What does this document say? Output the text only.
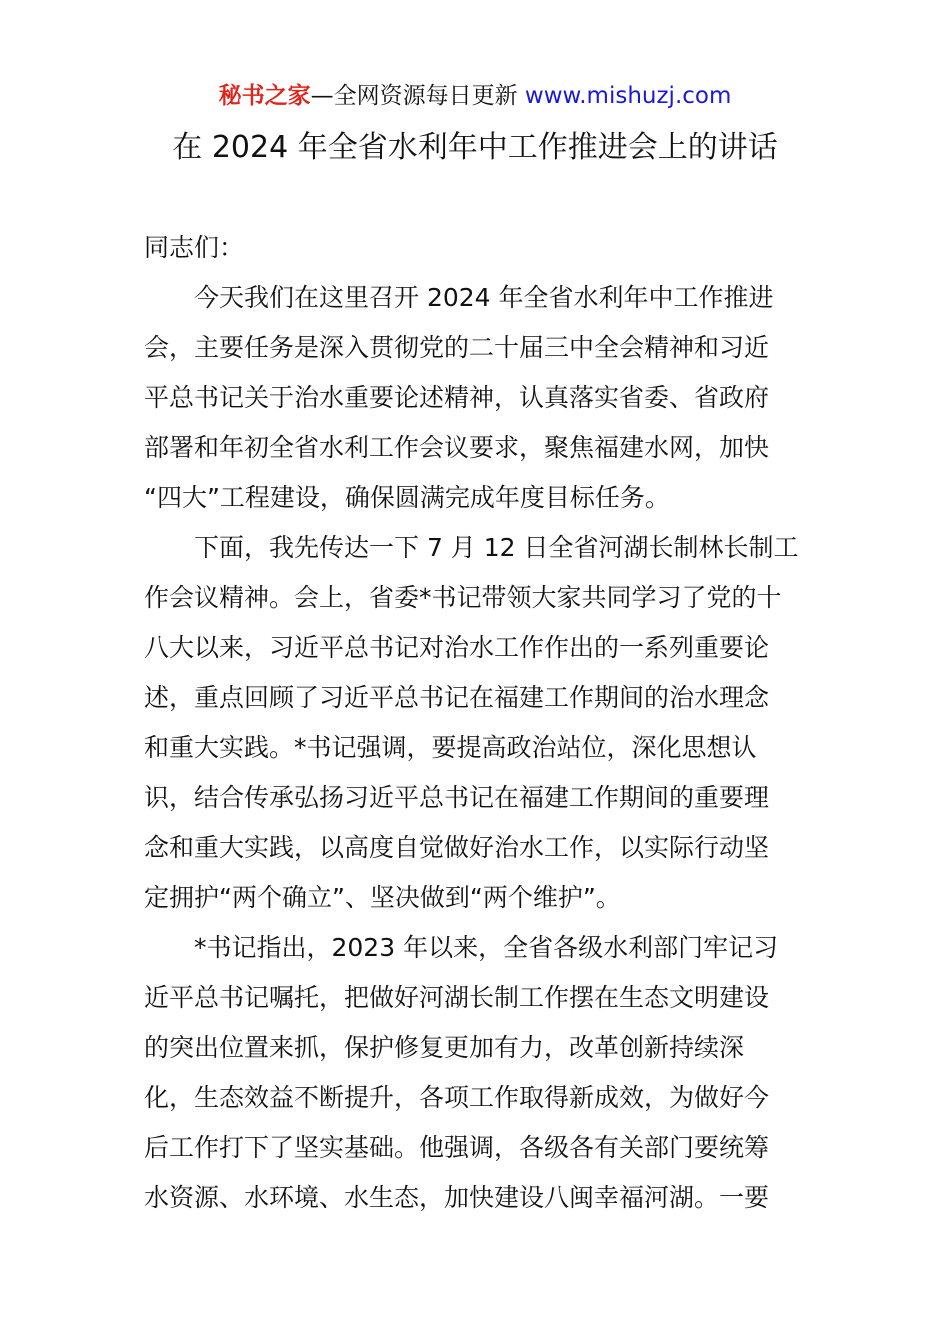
秘书之家—全网资源每日更新 www.mishuzj.com
在 2024 年全省水利年中工作推进会上的讲话
同志们：
　　今天我们在这里召开 2024 年全省水利年中工作推进
会，主要任务是深入贯彻党的二十届三中全会精神和习近
平总书记关于治水重要论述精神，认真落实省委、省政府
部署和年初全省水利工作会议要求，聚焦福建水网，加快
“四大”工程建设，确保圆满完成年度目标任务。
　　下面，我先传达一下 7 月 12 日全省河湖长制林长制工
作会议精神。会上，省委*书记带领大家共同学习了党的十
八大以来，习近平总书记对治水工作作出的一系列重要论
述，重点回顾了习近平总书记在福建工作期间的治水理念
和重大实践。*书记强调，要提高政治站位，深化思想认
识，结合传承弘扬习近平总书记在福建工作期间的重要理
念和重大实践，以高度自觉做好治水工作，以实际行动坚
定拥护“两个确立”、坚决做到“两个维护”。
　　*书记指出，2023 年以来，全省各级水利部门牢记习
近平总书记嘱托，把做好河湖长制工作摆在生态文明建设
的突出位置来抓，保护修复更加有力，改革创新持续深
化，生态效益不断提升，各项工作取得新成效，为做好今
后工作打下了坚实基础。他强调，各级各有关部门要统筹
水资源、水环境、水生态，加快建设八闽幸福河湖。一要
